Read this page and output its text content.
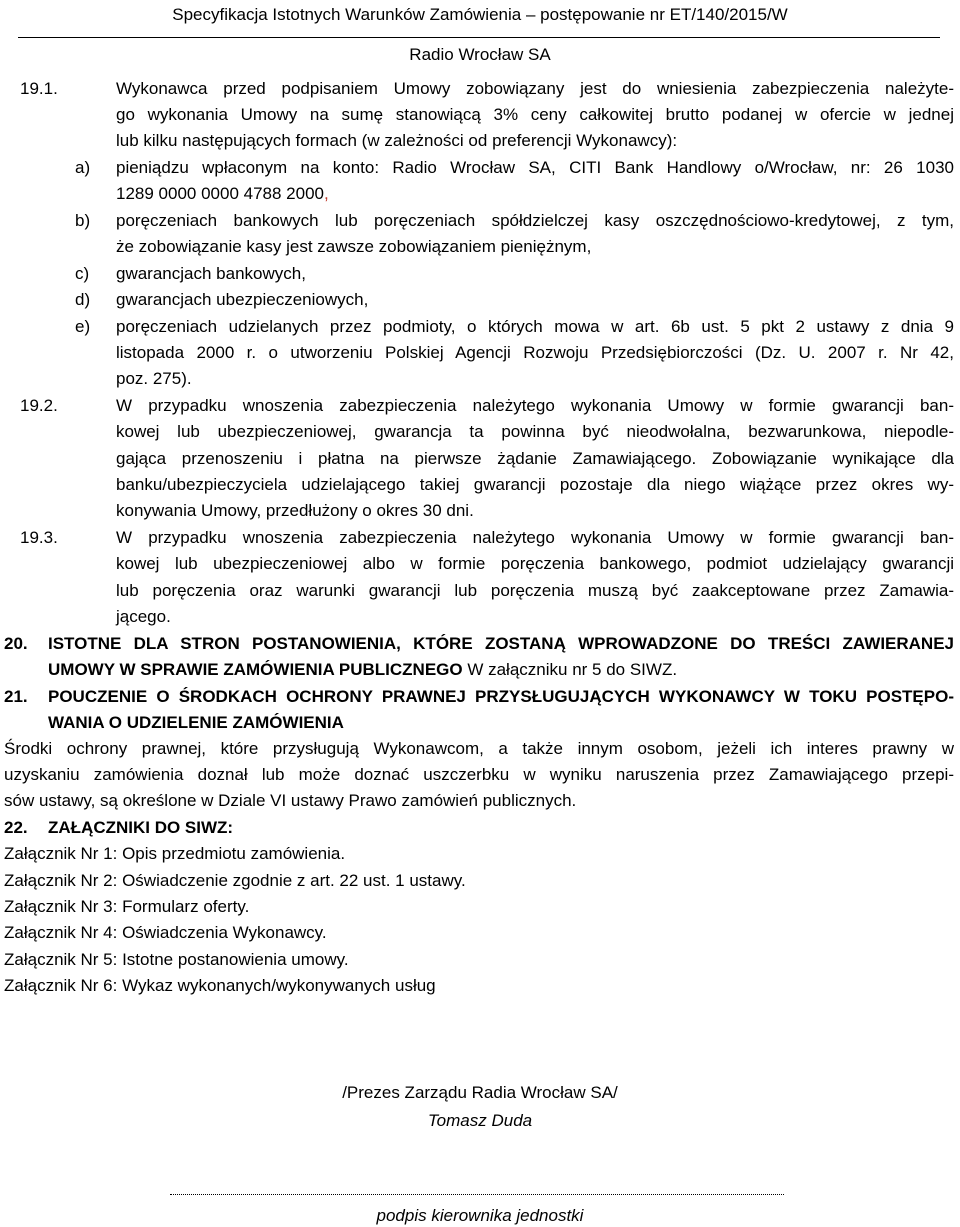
Specyfikacja Istotnych Warunków Zamówienia – postępowanie nr ET/140/2015/W
Radio Wrocław SA
19.1.	Wykonawca przed podpisaniem Umowy zobowiązany jest do wniesienia zabezpieczenia należyte-
go wykonania Umowy na sumę stanowiącą 3% ceny całkowitej brutto podanej w ofercie w jednej
lub kilku następujących formach (w zależności od preferencji Wykonawcy):
a) pieniądzu wpłaconym na konto: Radio Wrocław SA, CITI Bank Handlowy o/Wrocław, nr: 26 1030
1289 0000 0000 4788 2000,
b) poręczeniach bankowych lub poręczeniach spółdzielczej kasy oszczędnościowo-kredytowej, z tym,
że zobowiązanie kasy jest zawsze zobowiązaniem pieniężnym,
c) gwarancjach bankowych,
d) gwarancjach ubezpieczeniowych,
e) poręczeniach udzielanych przez podmioty, o których mowa w art. 6b ust. 5 pkt 2 ustawy z dnia 9
listopada 2000 r. o utworzeniu Polskiej Agencji Rozwoju Przedsiębiorczości (Dz. U. 2007 r. Nr 42,
poz. 275).
19.2.	W przypadku wnoszenia zabezpieczenia należytego wykonania Umowy w formie gwarancji ban-
kowej lub ubezpieczeniowej, gwarancja ta powinna być nieodwołalna, bezwarunkowa, niepodle-
gająca przenoszeniu i płatna na pierwsze żądanie Zamawiającego. Zobowiązanie wynikające dla
banku/ubezpieczyciela udzielającego takiej gwarancji pozostaje dla niego wiążące przez okres wy-
konywania Umowy, przedłużony o okres 30 dni.
19.3.	W przypadku wnoszenia zabezpieczenia należytego wykonania Umowy w formie gwarancji ban-
kowej lub ubezpieczeniowej albo w formie poręczenia bankowego, podmiot udzielający gwarancji
lub poręczenia oraz warunki gwarancji lub poręczenia muszą być zaakceptowane przez Zamawia-
jącego.
20. ISTOTNE DLA STRON POSTANOWIENIA, KTÓRE ZOSTANĄ WPROWADZONE DO TREŚCI ZAWIERANEJ
UMOWY W SPRAWIE ZAMÓWIENIA PUBLICZNEGO W załączniku nr 5 do SIWZ.
21. POUCZENIE O ŚRODKACH OCHRONY PRAWNEJ PRZYSŁUGUJĄCYCH WYKONAWCY W TOKU POSTĘPO-
WANIA O UDZIELENIE ZAMÓWIENIA
Środki ochrony prawnej, które przysługują Wykonawcom, a także innym osobom, jeżeli ich interes prawny w
uzyskaniu zamówienia doznał lub może doznać uszczerbku w wyniku naruszenia przez Zamawiającego przepi-
sów ustawy, są określone w Dziale VI ustawy Prawo zamówień publicznych.
22. ZAŁĄCZNIKI DO SIWZ:
Załącznik Nr 1: Opis przedmiotu zamówienia.
Załącznik Nr 2: Oświadczenie zgodnie z art. 22 ust. 1 ustawy.
Załącznik Nr 3: Formularz oferty.
Załącznik Nr 4: Oświadczenia Wykonawcy.
Załącznik Nr 5: Istotne postanowienia umowy.
Załącznik Nr 6: Wykaz wykonanych/wykonywanych usług
/Prezes Zarządu Radia Wrocław SA/
Tomasz Duda
podpis kierownika jednostki
